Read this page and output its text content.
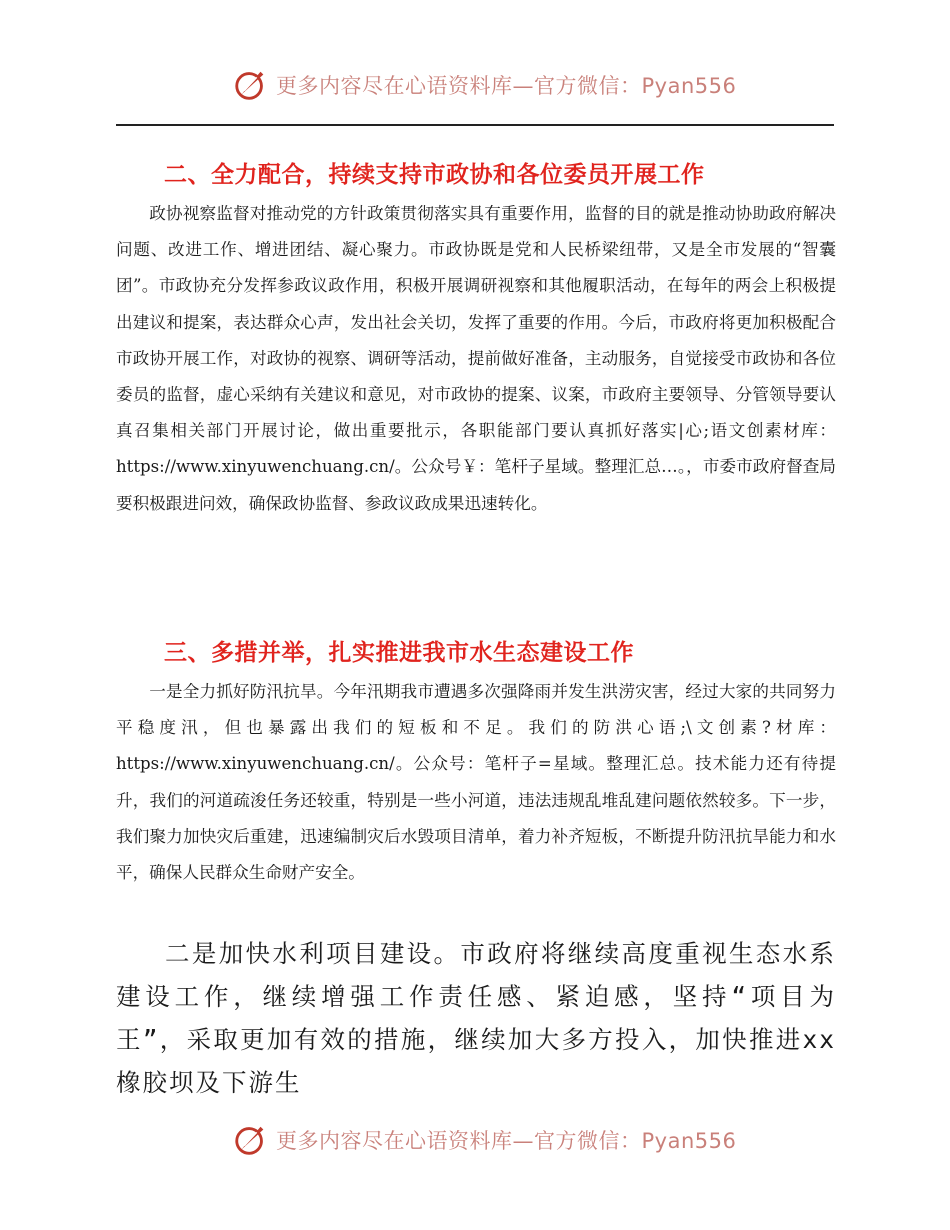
更多内容尽在心语资料库—官方微信：Pyan556
二、全力配合，持续支持市政协和各位委员开展工作

政协视察监督对推动党的方针政策贯彻落实具有重要作用，监督的目的就是推动协助政府解决问题、改进工作、增进团结、凝心聚力。市政协既是党和人民桥梁纽带，又是全市发展的“智囊团”。市政协充分发挥参政议政作用，积极开展调研视察和其他履职活动，在每年的两会上积极提出建议和提案，表达群众心声，发出社会关切，发挥了重要的作用。今后，市政府将更加积极配合市政协开展工作，对政协的视察、调研等活动，提前做好准备，主动服务，自觉接受市政协和各位委员的监督，虚心采纳有关建议和意见，对市政协的提案、议案，市政府主要领导、分管领导要认真召集相关部门开展讨论，做出重要批示，各职能部门要认真抓好落实|心;语文创素材库：https://www.xinyuwenchuang.cn/。公众号￥：笔杆子星域。整理汇总…。，市委市政府督查局要积极跟进问效，确保政协监督、参政议政成果迅速转化。

三、多措并举，扎实推进我市水生态建设工作

一是全力抓好防汛抗旱。今年汛期我市遭遇多次强降雨并发生洪涝灾害，经过大家的共同努力平稳度汛，但也暴露出我们的短板和不足。我们的防洪心语;\文创素?材库：https://www.xinyuwenchuang.cn/。公众号：笔杆子=星域。整理汇总。技术能力还有待提升，我们的河道疏浚任务还较重，特别是一些小河道，违法违规乱堆乱建问题依然较多。下一步，我们聚力加快灾后重建，迅速编制灾后水毁项目清单，着力补齐短板，不断提升防汛抗旱能力和水平，确保人民群众生命财产安全。

二是加快水利项目建设。市政府将继续高度重视生态水系建设工作，继续增强工作责任感、紧迫感，坚持“项目为王”，采取更加有效的措施，继续加大多方投入，加快推进xx橡胶坝及下游生

更多内容尽在心语资料库—官方微信：Pyan556
